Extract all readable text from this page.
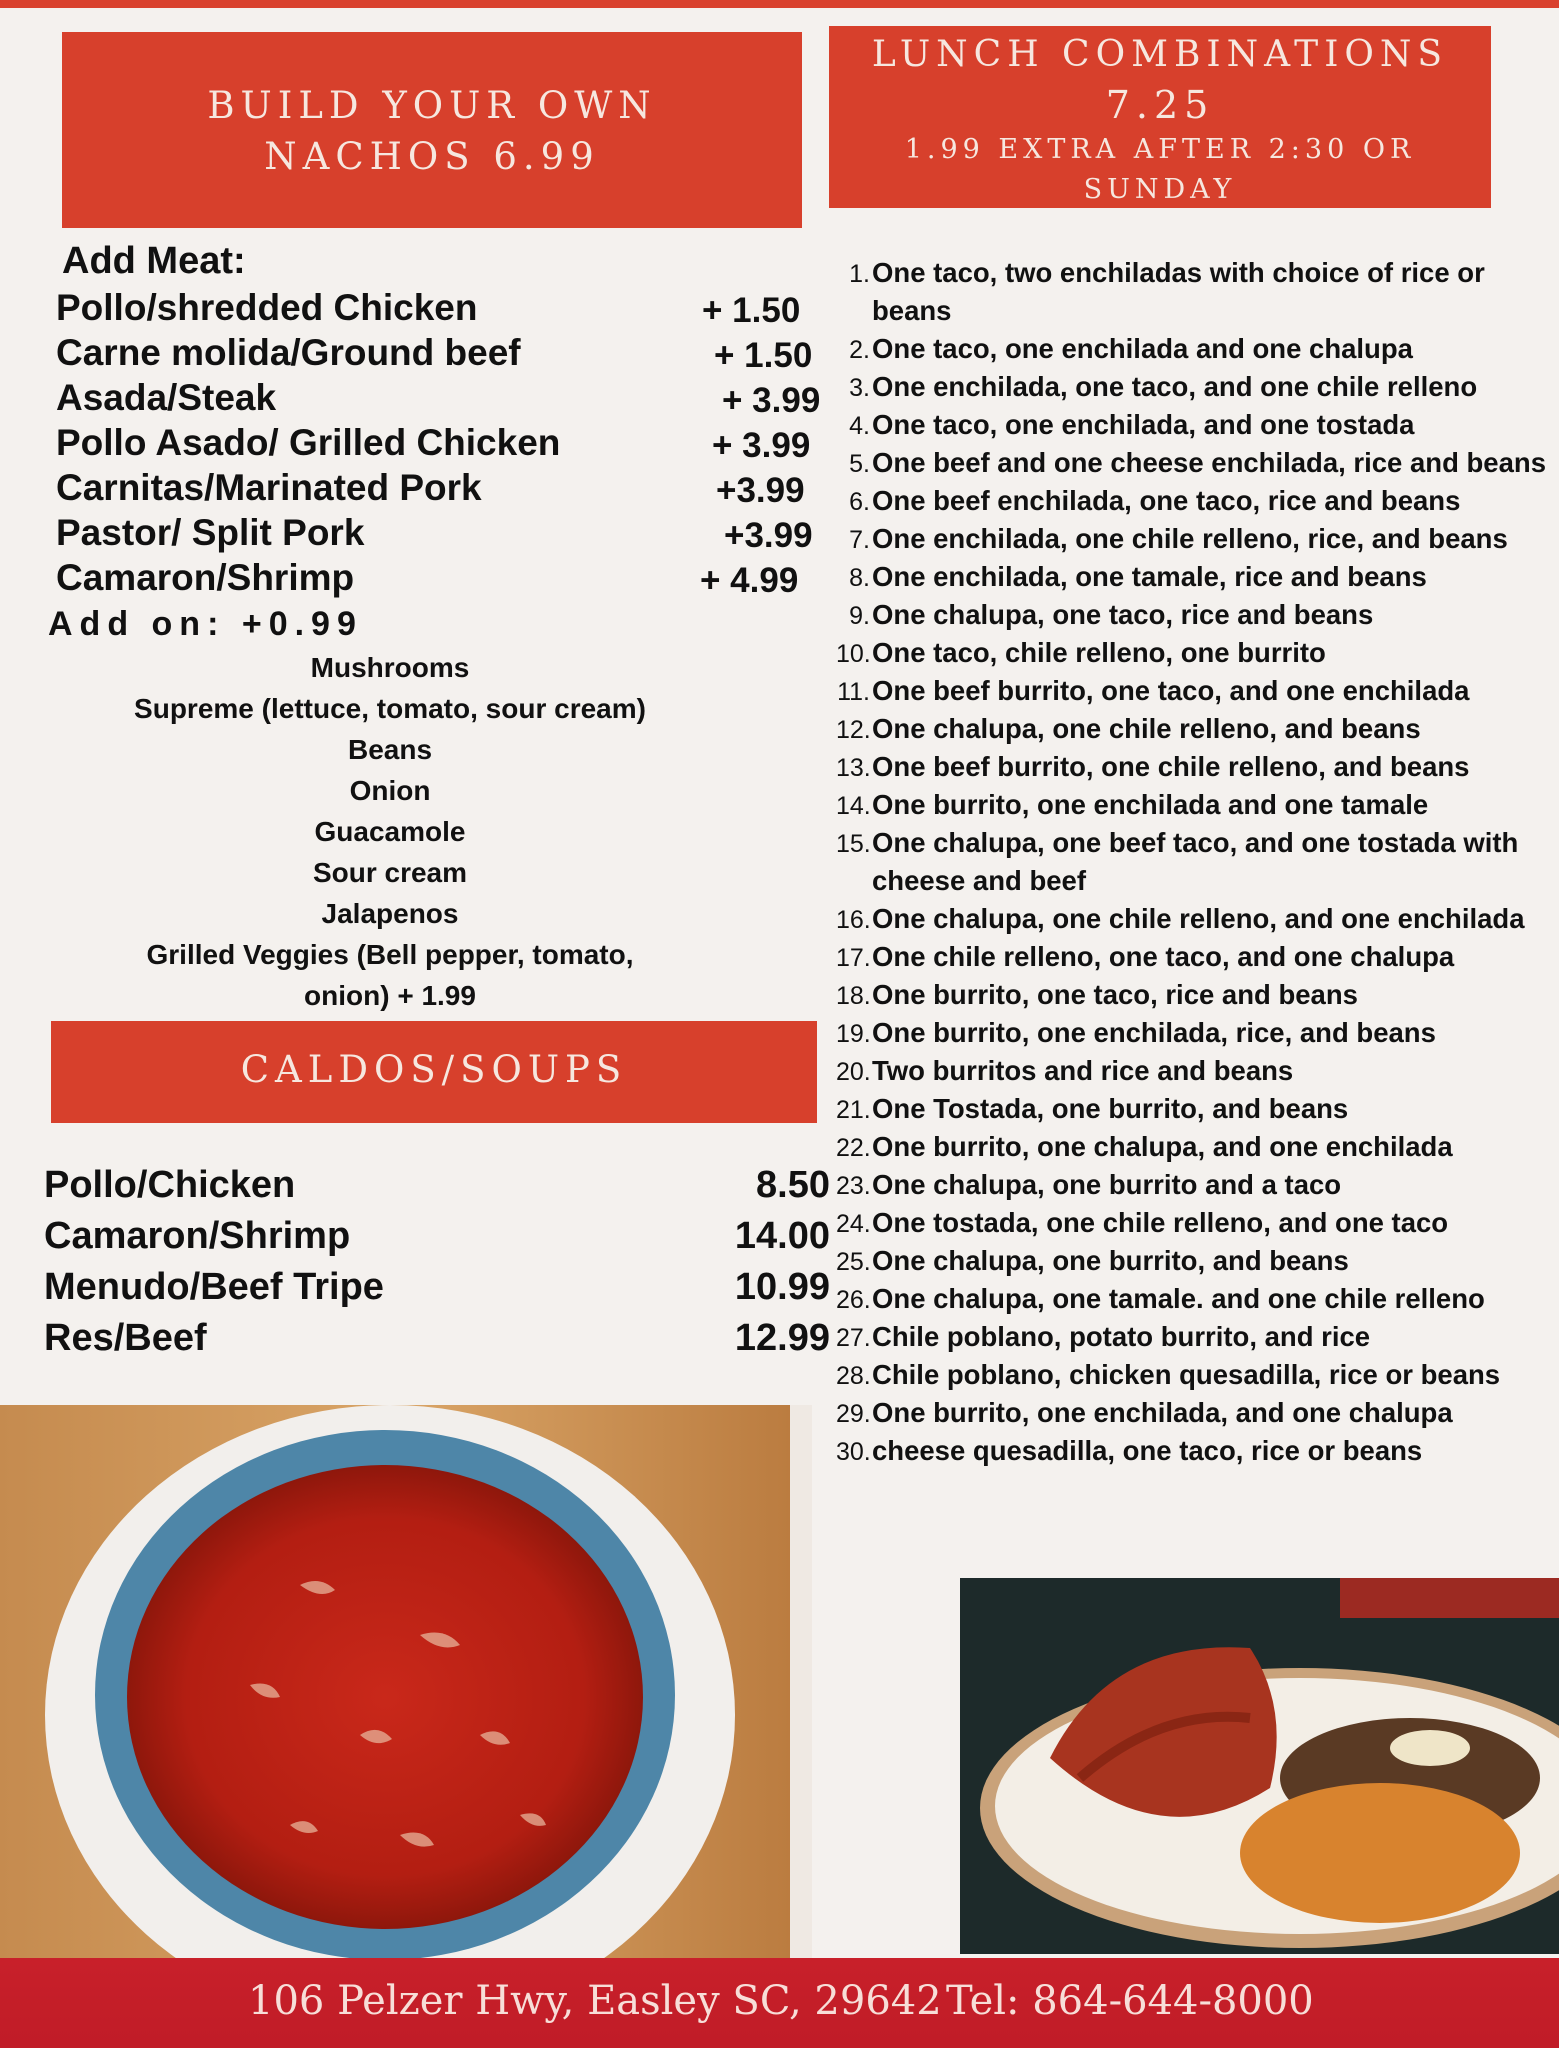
BUILD YOUR OWN
NACHOS 6.99
LUNCH COMBINATIONS
7.25
1.99 EXTRA AFTER 2:30 OR
SUNDAY
Add Meat:
Pollo/shredded Chicken	+ 1.50
Carne molida/Ground beef	+ 1.50
Asada/Steak	+ 3.99
Pollo Asado/ Grilled Chicken	+ 3.99
Carnitas/Marinated Pork	+3.99
Pastor/ Split Pork	+3.99
Camaron/Shrimp	+ 4.99
Add on: +0.99
Mushrooms
Supreme (lettuce, tomato, sour cream)
Beans
Onion
Guacamole
Sour cream
Jalapenos
Grilled Veggies (Bell pepper, tomato,
onion) + 1.99
CALDOS/SOUPS
Pollo/Chicken	8.50
Camaron/Shrimp	14.00
Menudo/Beef Tripe	10.99
Res/Beef	12.99
1. One taco, two enchiladas with choice of rice or beans
2. One taco, one enchilada and one chalupa
3. One enchilada, one taco, and one chile relleno
4. One taco, one enchilada, and one tostada
5. One beef and one cheese enchilada, rice and beans
6. One beef enchilada, one taco, rice and beans
7. One enchilada, one chile relleno, rice, and beans
8. One enchilada, one tamale, rice and beans
9. One chalupa, one taco, rice and beans
10. One taco, chile relleno, one burrito
11. One beef burrito, one taco, and one enchilada
12. One chalupa, one chile relleno, and beans
13. One beef burrito, one chile relleno, and beans
14. One burrito, one enchilada and one tamale
15. One chalupa, one beef taco, and one tostada with cheese and beef
16. One chalupa, one chile relleno, and one enchilada
17. One chile relleno, one taco, and one chalupa
18. One burrito, one taco, rice and beans
19. One burrito, one enchilada, rice, and beans
20. Two burritos and rice and beans
21. One Tostada, one burrito, and beans
22. One burrito, one chalupa, and one enchilada
23. One chalupa, one burrito and a taco
24. One tostada, one chile relleno, and one taco
25. One chalupa, one burrito, and beans
26. One chalupa, one tamale. and one chile relleno
27. Chile poblano, potato burrito, and rice
28. Chile poblano, chicken quesadilla, rice or beans
29. One burrito, one enchilada, and one chalupa
30. cheese quesadilla, one taco, rice or beans
106 Pelzer Hwy, Easley SC, 29642 Tel: 864-644-8000
